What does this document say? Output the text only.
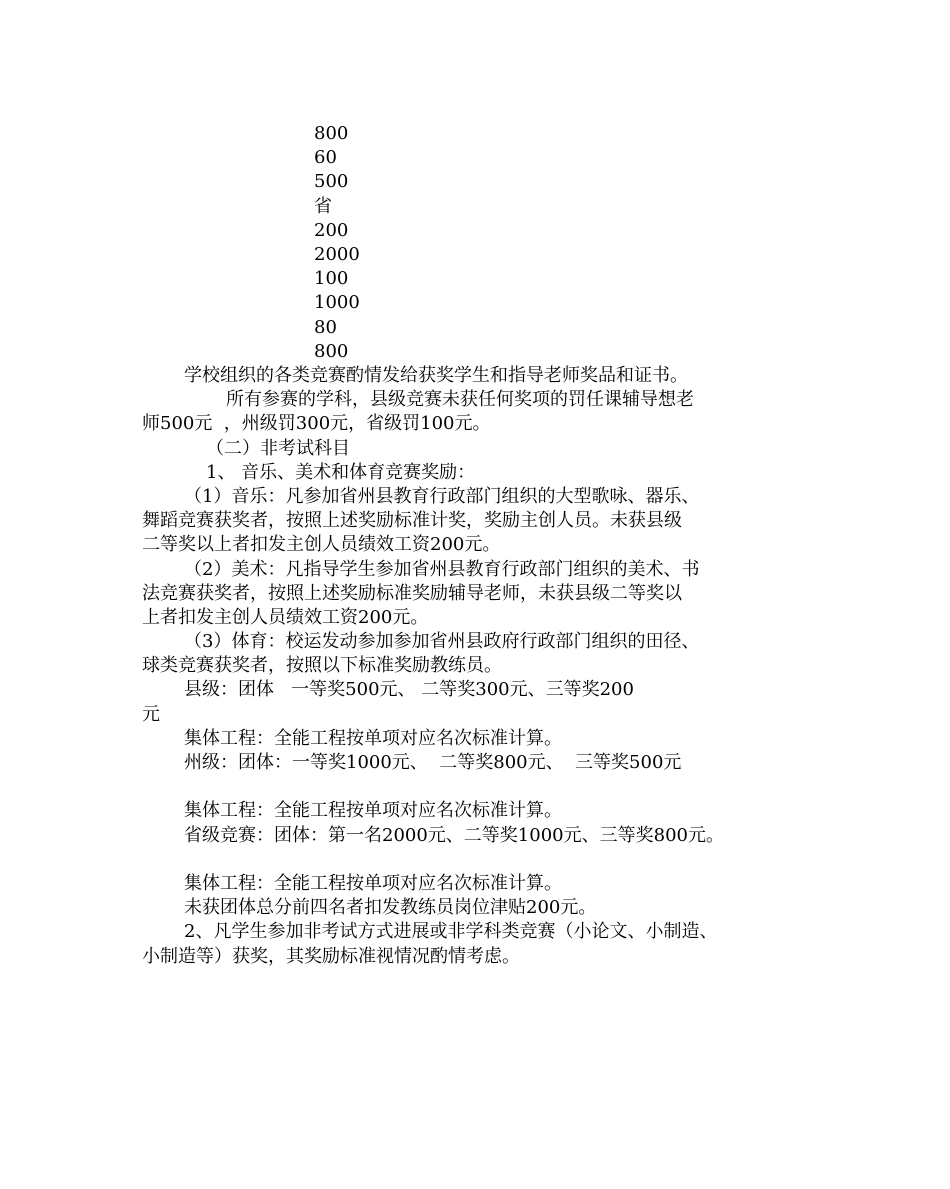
800
60
500
省
200
2000
100
1000
80
800

学校组织的各类竞赛酌情发给获奖学生和指导老师奖品和证书。

所有参赛的学科，县级竞赛未获任何奖项的罚任课辅导想老

师500元  ，州级罚300元，省级罚100元。

（二）非考试科目

1、 音乐、美术和体育竞赛奖励：

（1）音乐：凡参加省州县教育行政部门组织的大型歌咏、器乐、

舞蹈竞赛获奖者，按照上述奖励标准计奖，奖励主创人员。未获县级

二等奖以上者扣发主创人员绩效工资200元。

（2）美术：凡指导学生参加省州县教育行政部门组织的美术、书

法竞赛获奖者，按照上述奖励标准奖励辅导老师，未获县级二等奖以

上者扣发主创人员绩效工资200元。

（3）体育：校运发动参加参加省州县政府行政部门组织的田径、

球类竞赛获奖者，按照以下标准奖励教练员。

县级：团体   一等奖500元、 二等奖300元、三等奖200

元

集体工程：全能工程按单项对应名次标准计算。

州级：团体：一等奖1000元、  二等奖800元、  三等奖500元

集体工程：全能工程按单项对应名次标准计算。

省级竞赛：团体：第一名2000元、二等奖1000元、三等奖800元。

集体工程：全能工程按单项对应名次标准计算。

未获团体总分前四名者扣发教练员岗位津贴200元。

2、凡学生参加非考试方式进展或非学科类竞赛（小论文、小制造、

小制造等）获奖，其奖励标准视情况酌情考虑。
